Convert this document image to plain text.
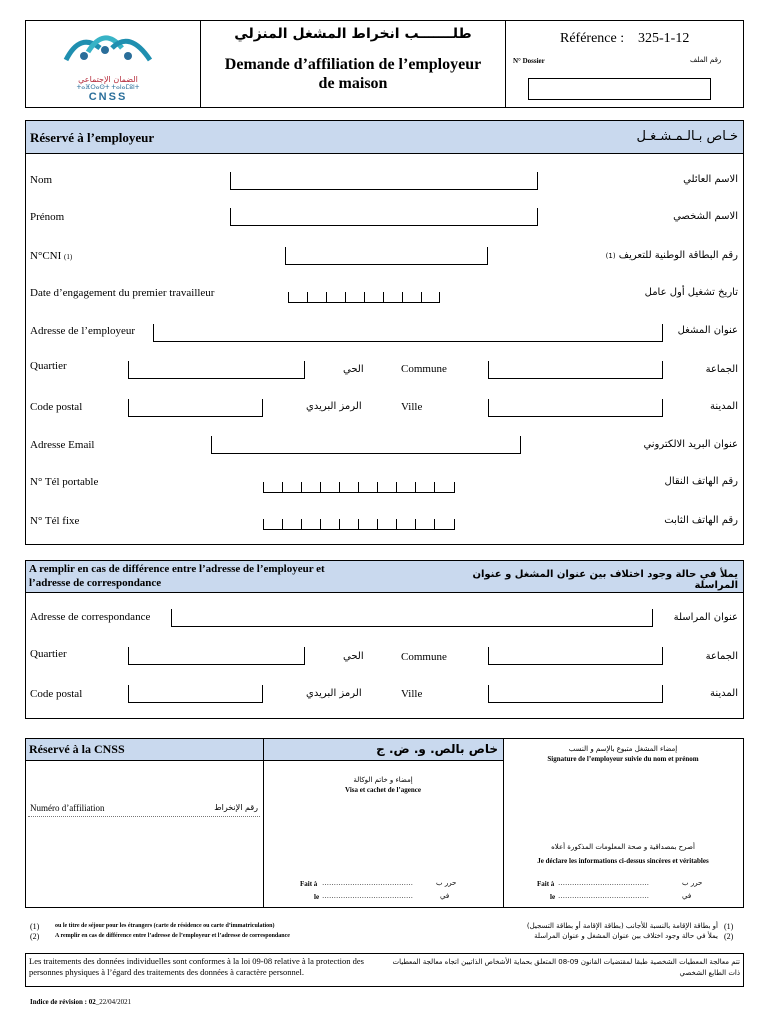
الضمان الإجتماعي
ⵜⴰⴼⵔⴰⵙⵜ ⵜⴰⵏⴰⵎⵓⵏⵜ
CNSS
طلـــــــب انخراط المشغل المنزلي
Demande d’affiliation de l’employeur
de maison
Référence : 325-1-12
N° Dossier	رقم الملف
Réservé à l’employeur	خـاص بـالـمـشـغـل
Nom	الاسم العائلي
Prénom	الاسم الشخصي
N°CNI (1)	رقم البطاقة الوطنية للتعريف (1)
Date d’engagement du premier travailleur	تاريخ تشغيل أول عامل
Adresse de l’employeur	عنوان المشغل
Quartier	الحي	Commune	الجماعة
Code postal	الرمز البريدي	Ville	المدينة
Adresse Email	عنوان البريد الالكتروني
N° Tél portable	رقم الهاتف النقال
N° Tél fixe	رقم الهاتف الثابت
A remplir en cas de différence entre l’adresse de l’employeur et
l’adresse de correspondance
يملأ في حالة وجود اختلاف بين عنوان المشغل و عنوان المراسلة
Adresse de correspondance	عنوان المراسلة
Quartier	الحي	Commune	الجماعة
Code postal	الرمز البريدي	Ville	المدينة
Réservé à la CNSS	خاص بالص. و. ض. ج
Numéro d’affiliation	رقم الإنخراط
إمضاء و خاتم الوكالة
Visa et cachet de l’agence
Fait à …………………………………	حرر ب
le …………………………………	في
إمضاء المشغل متبوع بالإسم و النسب
Signature de l’employeur suivie du nom et prénom
أصرح بمصداقية و صحة المعلومات المذكورة أعلاه
Je déclare les informations ci-dessus sincères et véritables
Fait à …………………………………	حرر ب
le …………………………………	في
(1)	ou le titre de séjour pour les étrangers (carte de résidence ou carte d’immatriculation)
(2)	A remplir en cas de différence entre l’adresse de l’employeur et l’adresse de correspondance
أو بطاقة الإقامة بالنسبة للأجانب (بطاقة الإقامة أو بطاقة التسجيل) (1)
يملأ في حالة وجود اختلاف بين عنوان المشغل و عنوان المراسلة (2)
Les traitements des données individuelles sont conformes à la loi 09-08 relative à la protection des personnes physiques à l’égard des traitements des données à caractère personnel.
تتم معالجة المعطيات الشخصية طبقا لمقتضيات القانون 09-08 المتعلق بحماية الأشخاص الذاتيين اتجاه معالجة المعطيات ذات الطابع الشخصي
Indice de révision : 02_22/04/2021
